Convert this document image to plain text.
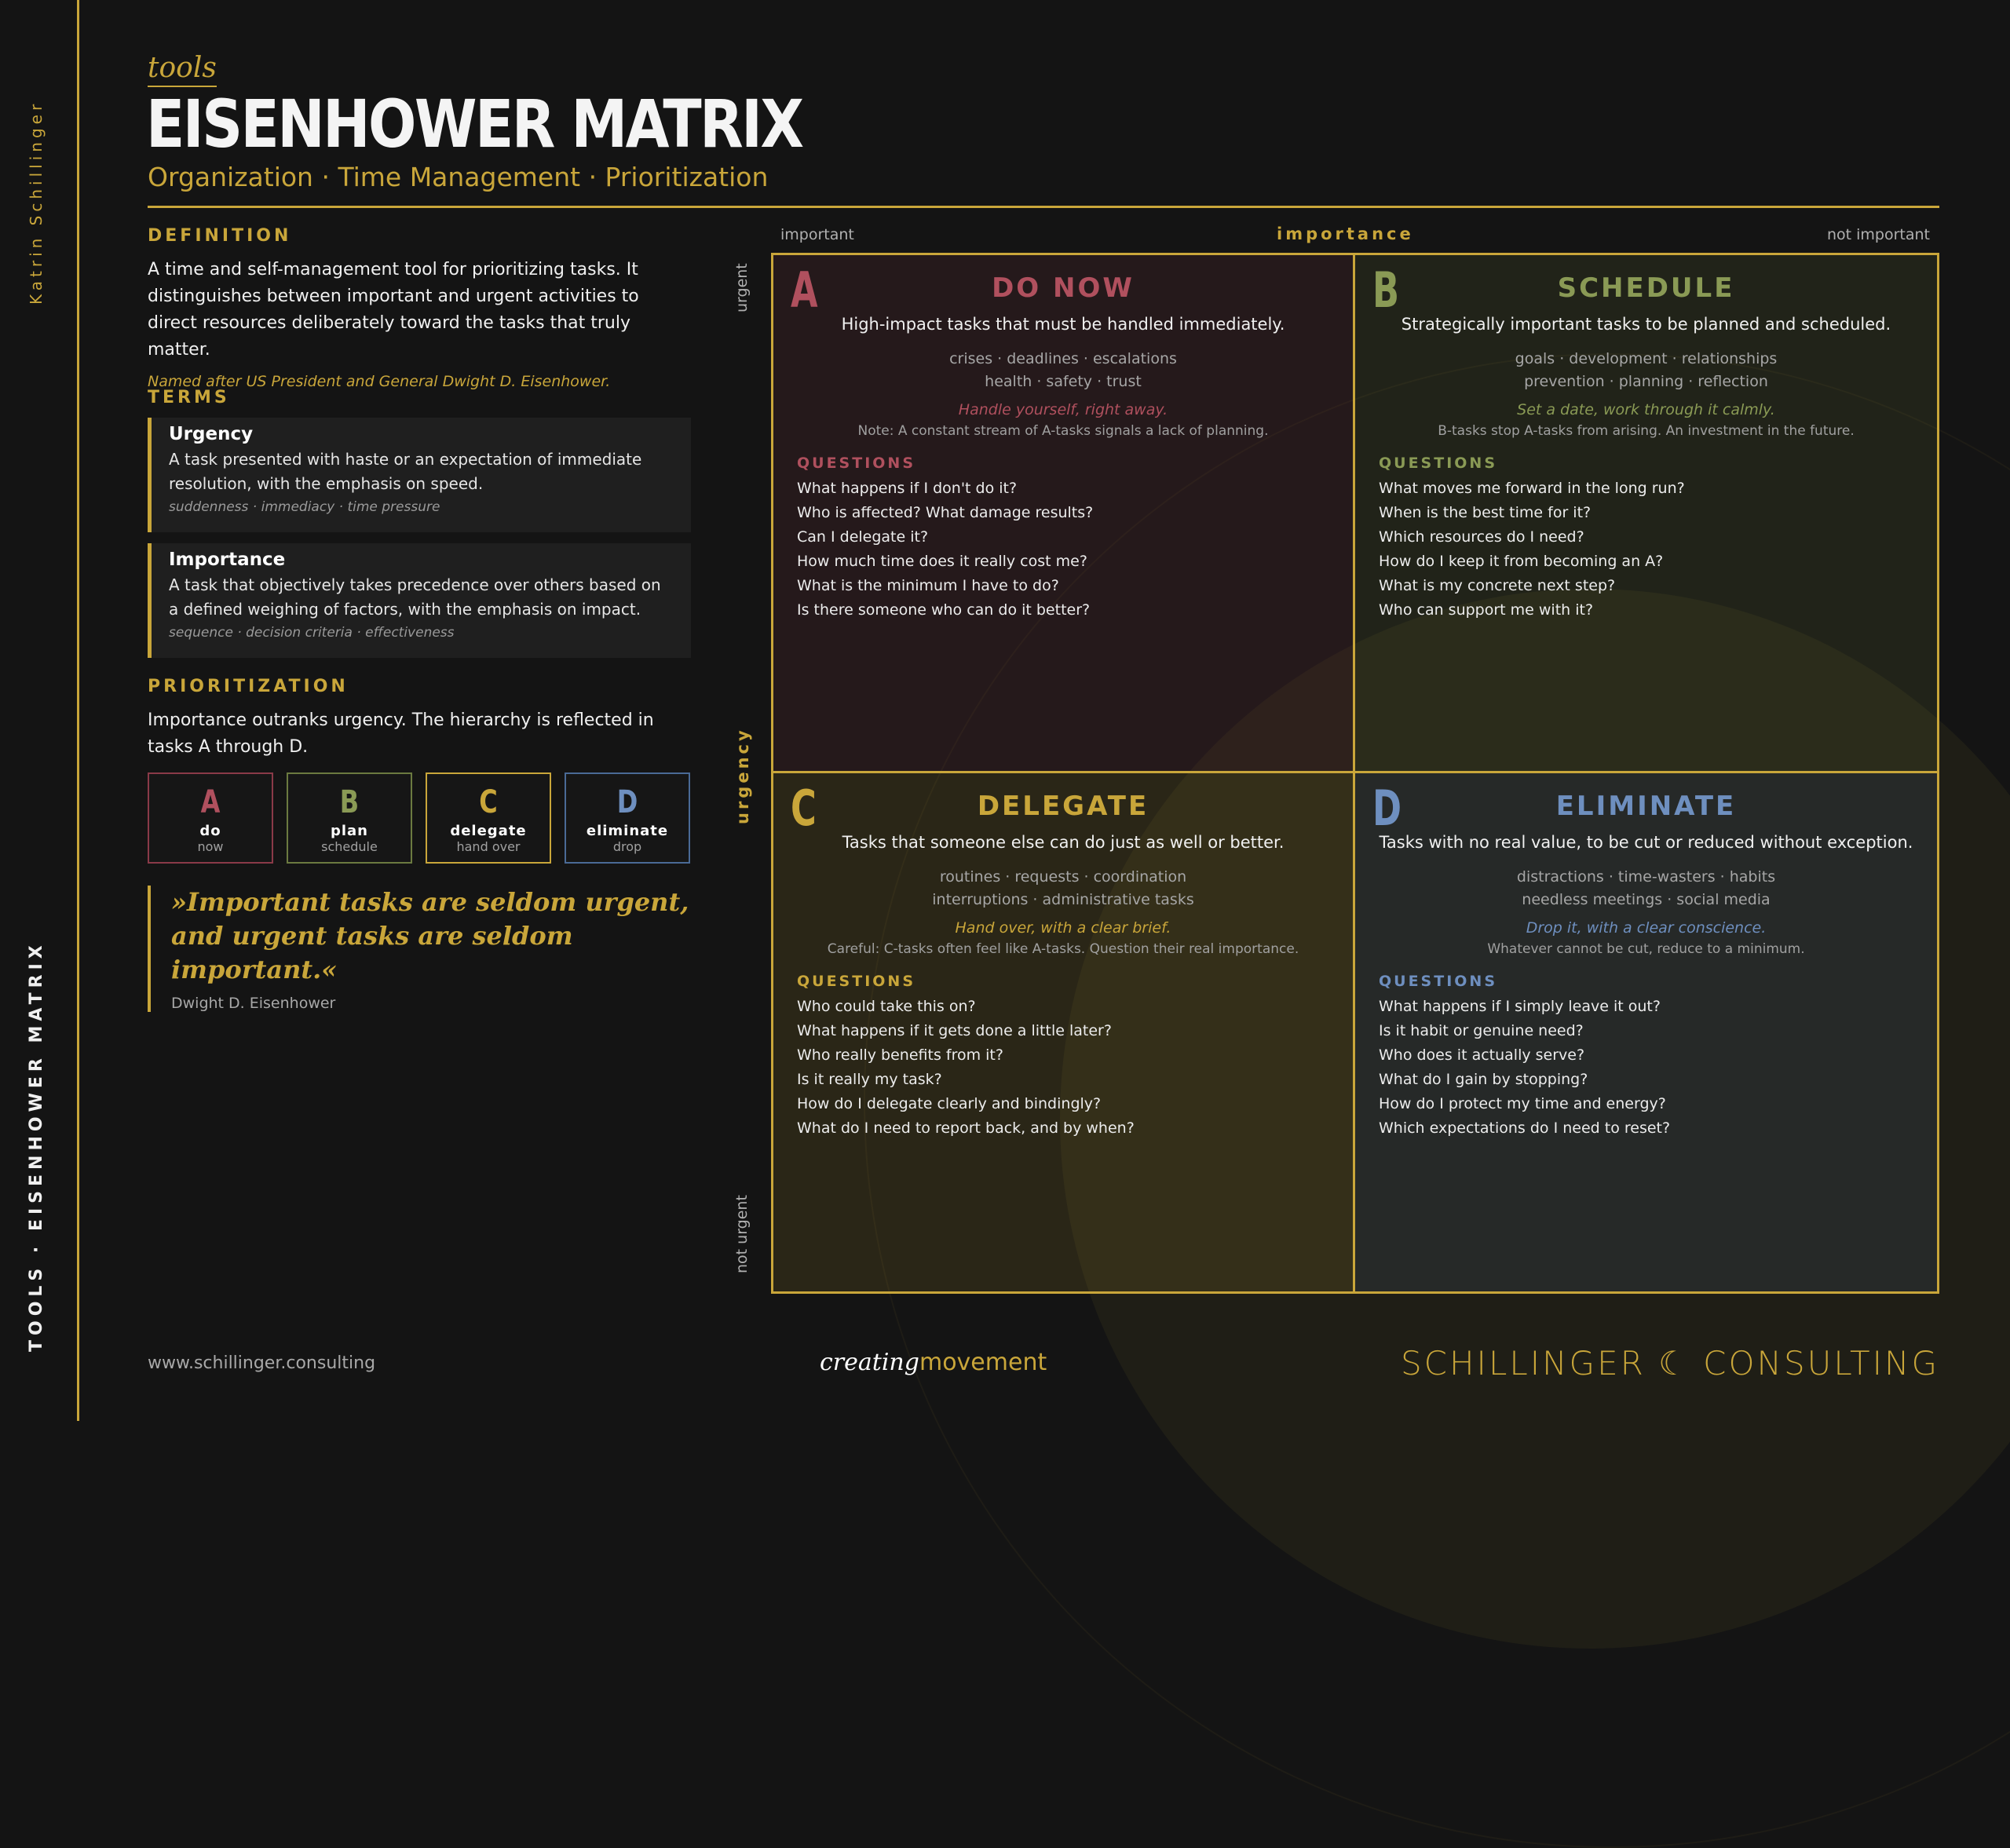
Katrin Schillinger
TOOLS · EISENHOWER MATRIX
tools
EISENHOWER MATRIX
Organization · Time Management · Prioritization
DEFINITION
A time and self-management tool for prioritizing tasks. It distinguishes between important and urgent activities to direct resources deliberately toward the tasks that truly matter.
Named after US President and General Dwight D. Eisenhower.
TERMS
Urgency
A task presented with haste or an expectation of immediate resolution, with the emphasis on speed.
suddenness · immediacy · time pressure
Importance
A task that objectively takes precedence over others based on a defined weighing of factors, with the emphasis on impact.
sequence · decision criteria · effectiveness
PRIORITIZATION
Importance outranks urgency. The hierarchy is reflected in tasks A through D.
A
do
now
B
plan
schedule
C
delegate
hand over
D
eliminate
drop
»Important tasks are seldom urgent, and urgent tasks are seldom important.«
Dwight D. Eisenhower
important	importance	not important
urgent
urgency
not urgent
A	DO NOW
High-impact tasks that must be handled immediately.
crises · deadlines · escalations
health · safety · trust
Handle yourself, right away.
Note: A constant stream of A-tasks signals a lack of planning.
QUESTIONS
What happens if I don't do it?
Who is affected? What damage results?
Can I delegate it?
How much time does it really cost me?
What is the minimum I have to do?
Is there someone who can do it better?
B	SCHEDULE
Strategically important tasks to be planned and scheduled.
goals · development · relationships
prevention · planning · reflection
Set a date, work through it calmly.
B-tasks stop A-tasks from arising. An investment in the future.
QUESTIONS
What moves me forward in the long run?
When is the best time for it?
Which resources do I need?
How do I keep it from becoming an A?
What is my concrete next step?
Who can support me with it?
C	DELEGATE
Tasks that someone else can do just as well or better.
routines · requests · coordination
interruptions · administrative tasks
Hand over, with a clear brief.
Careful: C-tasks often feel like A-tasks. Question their real importance.
QUESTIONS
Who could take this on?
What happens if it gets done a little later?
Who really benefits from it?
Is it really my task?
How do I delegate clearly and bindingly?
What do I need to report back, and by when?
D	ELIMINATE
Tasks with no real value, to be cut or reduced without exception.
distractions · time-wasters · habits
needless meetings · social media
Drop it, with a clear conscience.
Whatever cannot be cut, reduce to a minimum.
QUESTIONS
What happens if I simply leave it out?
Is it habit or genuine need?
Who does it actually serve?
What do I gain by stopping?
How do I protect my time and energy?
Which expectations do I need to reset?
www.schillinger.consulting	creatingmovement	SCHILLINGER ☾ CONSULTING
